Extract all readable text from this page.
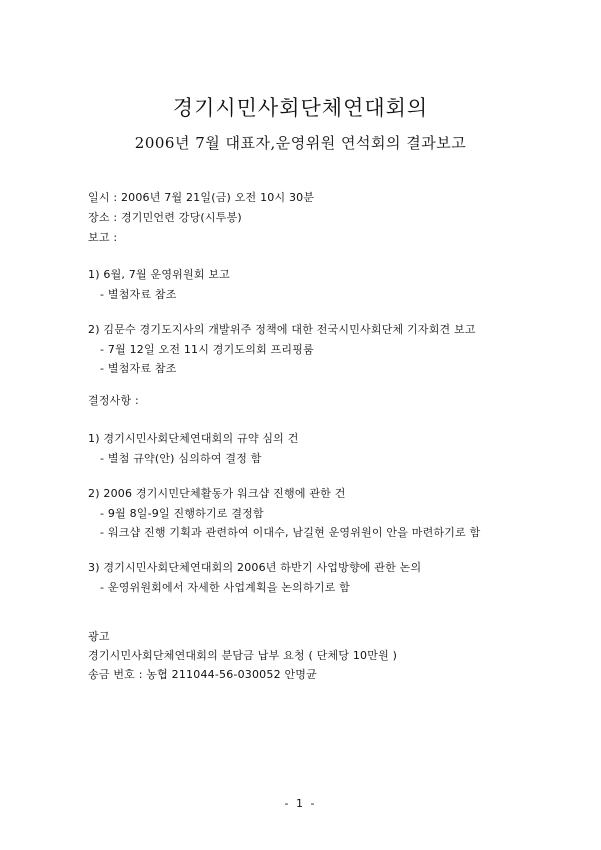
경기시민사회단체연대회의
2006년 7월 대표자,운영위원 연석회의 결과보고
일시 : 2006년 7월 21일(금) 오전 10시 30분
장소 : 경기민언련 강당(시투봉)
보고 :
1) 6월, 7월 운영위원회 보고
- 별첨자료 참조
2) 김문수 경기도지사의 개발위주 정책에 대한 전국시민사회단체 기자회견 보고
- 7월 12일 오전 11시 경기도의회 프리핑룸
- 별첨자료 참조
결정사항 :
1) 경기시민사회단체연대회의 규약 심의 건
- 별첨 규약(안) 심의하여 결정 함
2) 2006 경기시민단체활동가 워크샵 진행에 관한 건
- 9월 8일-9일 진행하기로 결정함
- 워크샵 진행 기획과 관련하여 이대수, 남길현 운영위원이 안을 마련하기로 함
3) 경기시민사회단체연대회의 2006년 하반기 사업방향에 관한 논의
- 운영위원회에서 자세한 사업계획을 논의하기로 함
광고
경기시민사회단체연대회의 분담금 납부 요청 ( 단체당 10만원 )
송금 번호 : 농협 211044-56-030052 안명균
- 1 -
